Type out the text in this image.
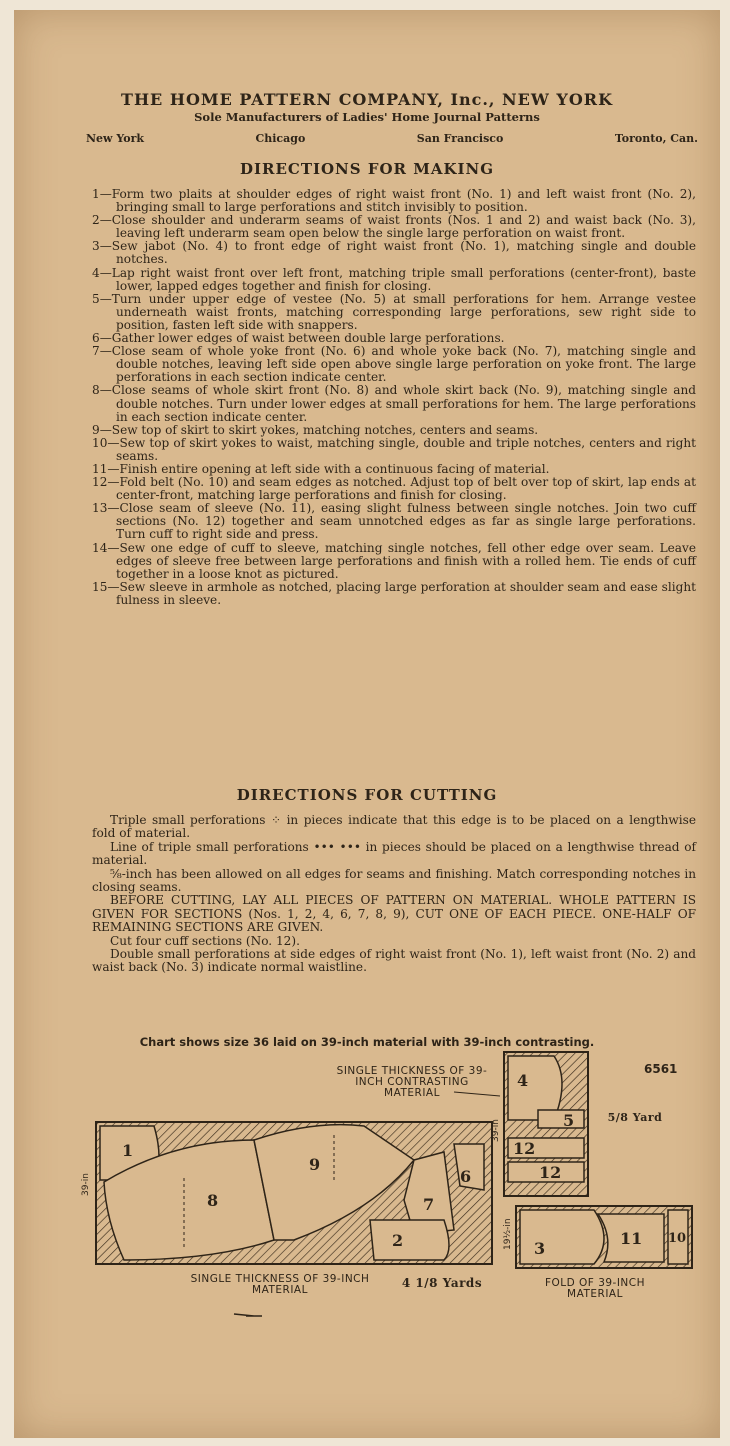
THE HOME PATTERN COMPANY, Inc., NEW YORK
Sole Manufacturers of Ladies' Home Journal Patterns
New York	Chicago	San Francisco	Toronto, Can.
DIRECTIONS FOR MAKING

1—Form two plaits at shoulder edges of right waist front (No. 1) and left waist front (No. 2), bringing small to large perforations and stitch invisibly to position.

2—Close shoulder and underarm seams of waist fronts (Nos. 1 and 2) and waist back (No. 3), leaving left underarm seam open below the single large perforation on waist front.

3—Sew jabot (No. 4) to front edge of right waist front (No. 1), matching single and double notches.

4—Lap right waist front over left front, matching triple small perforations (center-front), baste lower, lapped edges together and finish for closing.

5—Turn under upper edge of vestee (No. 5) at small perforations for hem. Arrange vestee underneath waist fronts, matching corresponding large perforations, sew right side to position, fasten left side with snappers.

6—Gather lower edges of waist between double large perforations.

7—Close seam of whole yoke front (No. 6) and whole yoke back (No. 7), matching single and double notches, leaving left side open above single large perforation on yoke front. The large perforations in each section indicate center.

8—Close seams of whole skirt front (No. 8) and whole skirt back (No. 9), matching single and double notches. Turn under lower edges at small perforations for hem. The large perforations in each section indicate center.

9—Sew top of skirt to skirt yokes, matching notches, centers and seams.

10—Sew top of skirt yokes to waist, matching single, double and triple notches, centers and right seams.

11—Finish entire opening at left side with a continuous facing of material.

12—Fold belt (No. 10) and seam edges as notched. Adjust top of belt over top of skirt, lap ends at center-front, matching large perforations and finish for closing.

13—Close seam of sleeve (No. 11), easing slight fulness between single notches. Join two cuff sections (No. 12) together and seam unnotched edges as far as single large perforations. Turn cuff to right side and press.

14—Sew one edge of cuff to sleeve, matching single notches, fell other edge over seam. Leave edges of sleeve free between large perforations and finish with a rolled hem. Tie ends of cuff together in a loose knot as pictured.

15—Sew sleeve in armhole as notched, placing large perforation at shoulder seam and ease slight fulness in sleeve.

DIRECTIONS FOR CUTTING

Triple small perforations ⁘ in pieces indicate that this edge is to be placed on a lengthwise fold of material.

Line of triple small perforations ••• ••• in pieces should be placed on a lengthwise thread of material.

⅝-inch has been allowed on all edges for seams and finishing. Match corresponding notches in closing seams.

BEFORE CUTTING, LAY ALL PIECES OF PATTERN ON MATERIAL. WHOLE PATTERN IS GIVEN FOR SECTIONS (Nos. 1, 2, 4, 6, 7, 8, 9), CUT ONE OF EACH PIECE. ONE-HALF OF REMAINING SECTIONS ARE GIVEN.

Cut four cuff sections (No. 12).

Double small perforations at side edges of right waist front (No. 1), left waist front (No. 2) and waist back (No. 3) indicate normal waistline.

Chart shows size 36 laid on 39-inch material with 39-inch contrasting.
6561
SINGLE THICKNESS OF 39-INCH CONTRASTING MATERIAL
5/8 Yard
SINGLE THICKNESS OF 39-INCH MATERIAL	4 1/8 Yards	FOLD OF 39-INCH MATERIAL
1
8
9
7
6
2
39-in
4
5
12
12
39-in
3
11 10
19½-in
